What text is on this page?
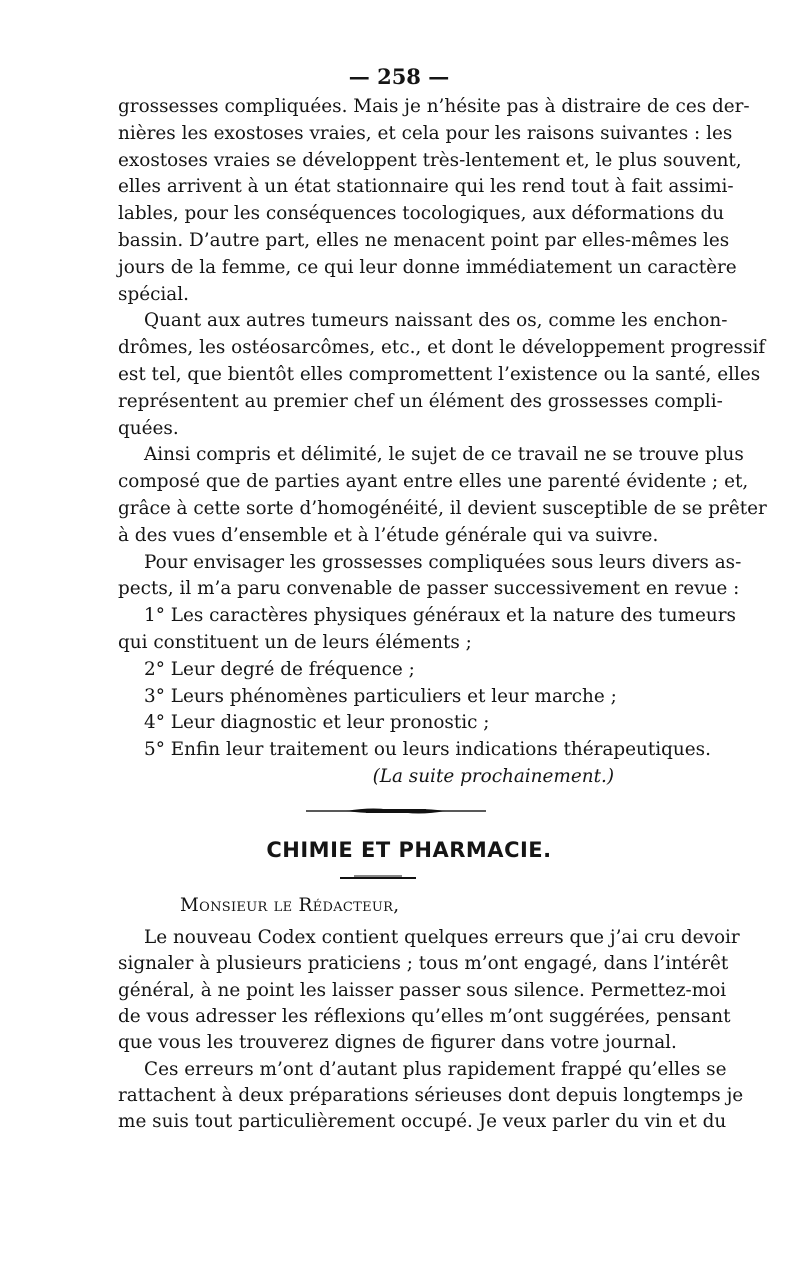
— 258 —
grossesses compliquées. Mais je n’hésite pas à distraire de ces der-
nières les exostoses vraies, et cela pour les raisons suivantes : les
exostoses vraies se développent très-lentement et, le plus souvent,
elles arrivent à un état stationnaire qui les rend tout à fait assimi-
lables, pour les conséquences tocologiques, aux déformations du
bassin. D’autre part, elles ne menacent point par elles-mêmes les
jours de la femme, ce qui leur donne immédiatement un caractère
spécial.
Quant aux autres tumeurs naissant des os, comme les enchon-
drômes, les ostéosarcômes, etc., et dont le développement progressif
est tel, que bientôt elles compromettent l’existence ou la santé, elles
représentent au premier chef un élément des grossesses compli-
quées.
Ainsi compris et délimité, le sujet de ce travail ne se trouve plus
composé que de parties ayant entre elles une parenté évidente ; et,
grâce à cette sorte d’homogénéité, il devient susceptible de se prêter
à des vues d’ensemble et à l’étude générale qui va suivre.
Pour envisager les grossesses compliquées sous leurs divers as-
pects, il m’a paru convenable de passer successivement en revue :
1° Les caractères physiques généraux et la nature des tumeurs
qui constituent un de leurs éléments ;
2° Leur degré de fréquence ;
3° Leurs phénomènes particuliers et leur marche ;
4° Leur diagnostic et leur pronostic ;
5° Enfin leur traitement ou leurs indications thérapeutiques.
(La suite prochainement.)
CHIMIE ET PHARMACIE.
Monsieur le Rédacteur,
Le nouveau Codex contient quelques erreurs que j’ai cru devoir
signaler à plusieurs praticiens ; tous m’ont engagé, dans l’intérêt
général, à ne point les laisser passer sous silence. Permettez-moi
de vous adresser les réflexions qu’elles m’ont suggérées, pensant
que vous les trouverez dignes de figurer dans votre journal.
Ces erreurs m’ont d’autant plus rapidement frappé qu’elles se
rattachent à deux préparations sérieuses dont depuis longtemps je
me suis tout particulièrement occupé. Je veux parler du vin et du
